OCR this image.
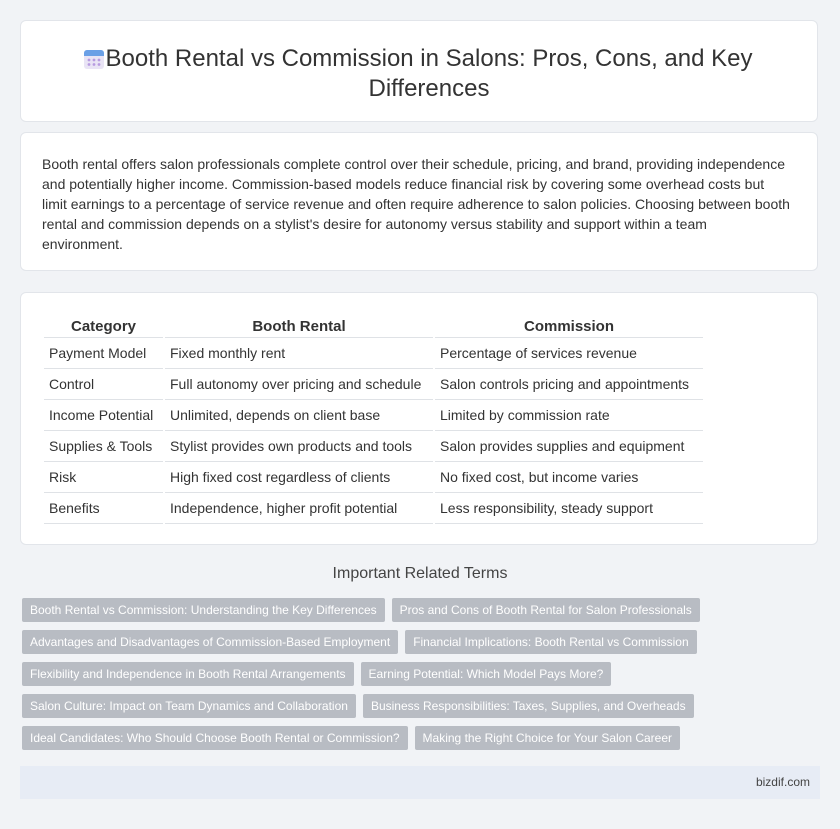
Booth Rental vs Commission in Salons: Pros, Cons, and Key Differences

Booth rental offers salon professionals complete control over their schedule, pricing, and brand, providing independence and potentially higher income. Commission-based models reduce financial risk by covering some overhead costs but limit earnings to a percentage of service revenue and often require adherence to salon policies. Choosing between booth rental and commission depends on a stylist's desire for autonomy versus stability and support within a team environment.

Category	Booth Rental	Commission
Payment Model	Fixed monthly rent	Percentage of services revenue
Control	Full autonomy over pricing and schedule	Salon controls pricing and appointments
Income Potential	Unlimited, depends on client base	Limited by commission rate
Supplies & Tools	Stylist provides own products and tools	Salon provides supplies and equipment
Risk	High fixed cost regardless of clients	No fixed cost, but income varies
Benefits	Independence, higher profit potential	Less responsibility, steady support
Important Related Terms
Booth Rental vs Commission: Understanding the Key Differences	Pros and Cons of Booth Rental for Salon Professionals
Advantages and Disadvantages of Commission-Based Employment	Financial Implications: Booth Rental vs Commission
Flexibility and Independence in Booth Rental Arrangements	Earning Potential: Which Model Pays More?
Salon Culture: Impact on Team Dynamics and Collaboration	Business Responsibilities: Taxes, Supplies, and Overheads
Ideal Candidates: Who Should Choose Booth Rental or Commission?	Making the Right Choice for Your Salon Career
bizdif.com
